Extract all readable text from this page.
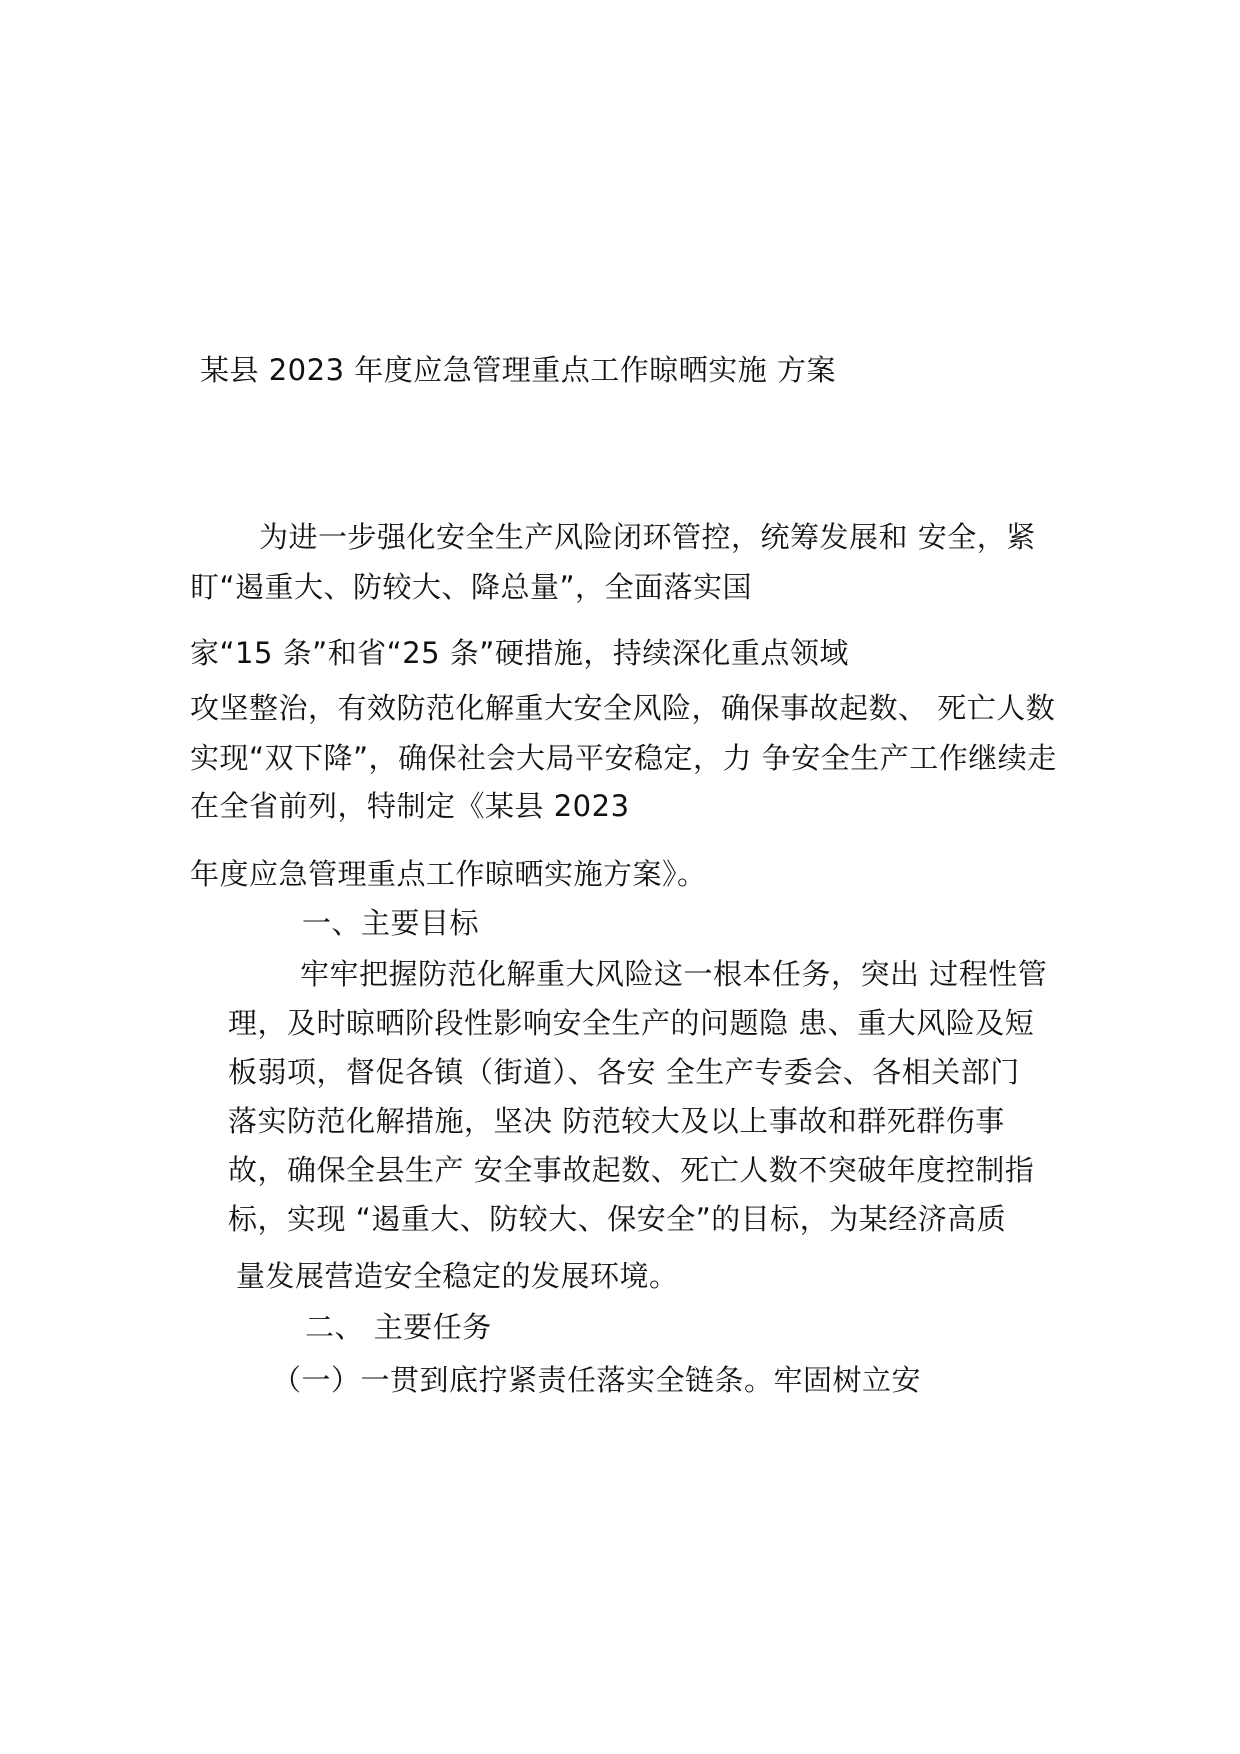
某县 2023 年度应急管理重点工作晾晒实施 方案
为进一步强化安全生产风险闭环管控，统筹发展和 安全，紧
盯“遏重大、防较大、降总量”，全面落实国
家“15 条”和省“25 条”硬措施，持续深化重点领域
攻坚整治，有效防范化解重大安全风险，确保事故起数、 死亡人数
实现“双下降”，确保社会大局平安稳定，力 争安全生产工作继续走
在全省前列，特制定《某县 2023
年度应急管理重点工作晾晒实施方案》。
一、主要目标
牢牢把握防范化解重大风险这一根本任务，突出 过程性管
理，及时晾晒阶段性影响安全生产的问题隐 患、重大风险及短
板弱项，督促各镇（街道）、各安 全生产专委会、各相关部门
落实防范化解措施，坚决 防范较大及以上事故和群死群伤事
故，确保全县生产 安全事故起数、死亡人数不突破年度控制指
标，实现 “遏重大、防较大、保安全”的目标，为某经济高质
量发展营造安全稳定的发展环境。
二、 主要任务
（一）一贯到底拧紧责任落实全链条。牢固树立安
